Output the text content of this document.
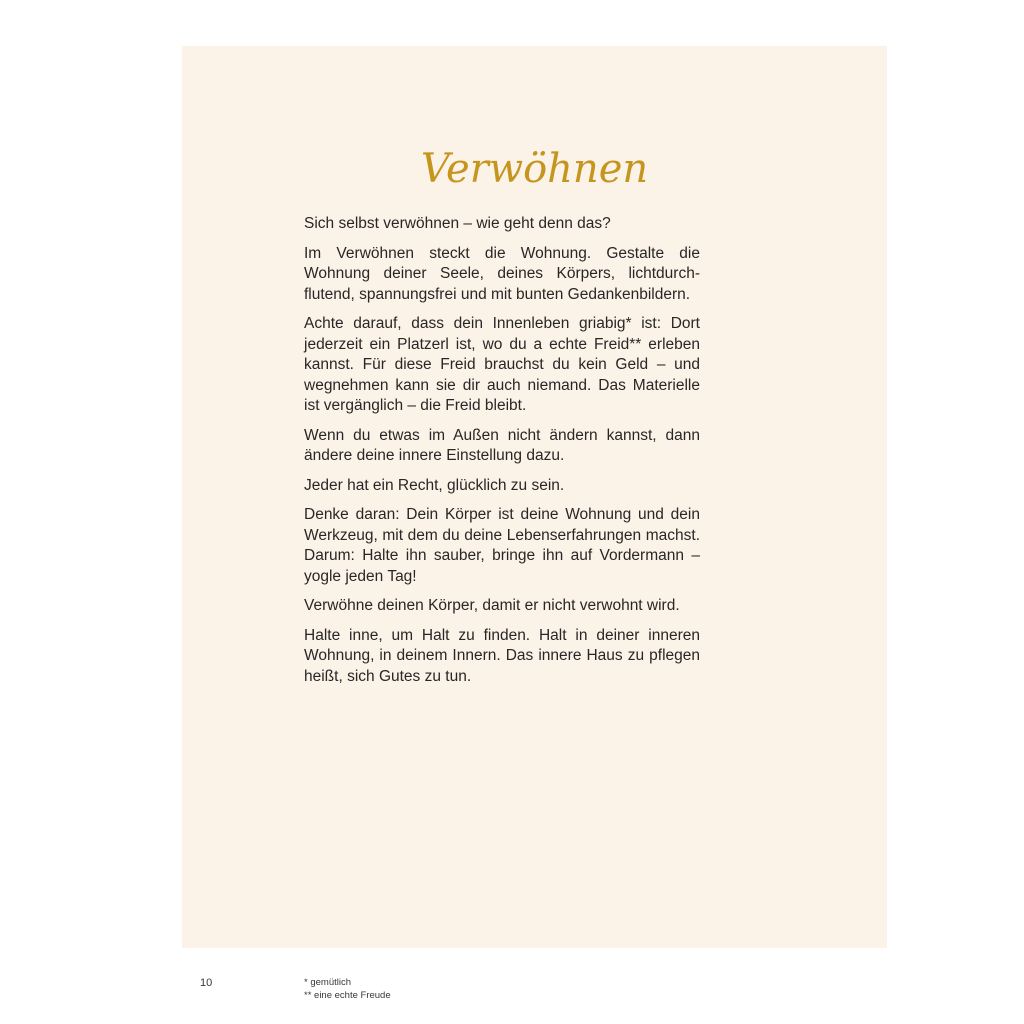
Verwöhnen

Sich selbst verwöhnen – wie geht denn das?

Im Verwöhnen steckt die Wohnung. Gestalte die Wohnung deiner Seele, deines Körpers, lichtdurchflutend, spannungsfrei und mit bunten Gedankenbildern.

Achte darauf, dass dein Innenleben griabig* ist: Dort jederzeit ein Platzerl ist, wo du a echte Freid** erleben kannst. Für diese Freid brauchst du kein Geld – und wegnehmen kann sie dir auch niemand. Das Materielle ist vergänglich – die Freid bleibt.

Wenn du etwas im Außen nicht ändern kannst, dann ändere deine innere Einstellung dazu.

Jeder hat ein Recht, glücklich zu sein.

Denke daran: Dein Körper ist deine Wohnung und dein Werkzeug, mit dem du deine Lebenserfahrungen machst. Darum: Halte ihn sauber, bringe ihn auf Vordermann – yogle jeden Tag!

Verwöhne deinen Körper, damit er nicht verwohnt wird.

Halte inne, um Halt zu finden. Halt in deiner inneren Wohnung, in deinem Innern. Das innere Haus zu pflegen heißt, sich Gutes zu tun.

10	* gemütlich
** eine echte Freude
